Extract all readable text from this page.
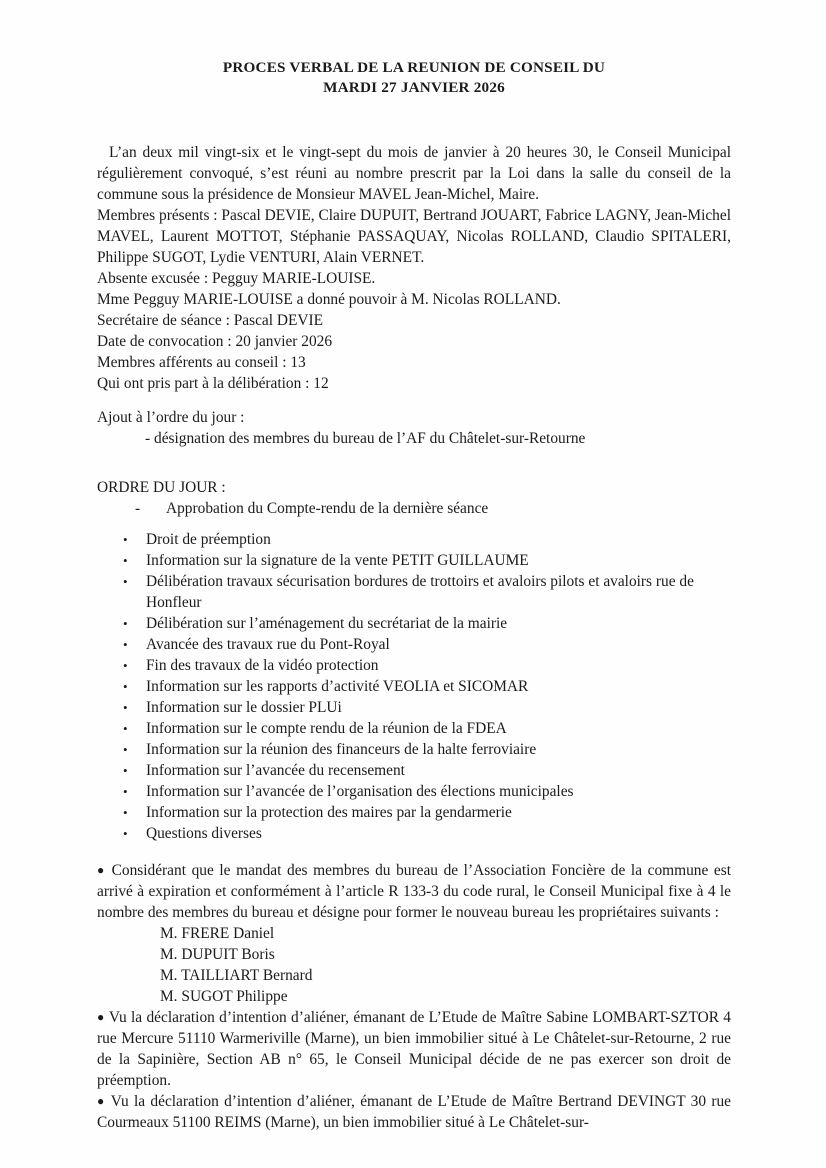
PROCES VERBAL DE LA REUNION DE CONSEIL DU
MARDI 27 JANVIER 2026

L’an deux mil vingt-six et le vingt-sept du mois de janvier à 20 heures 30, le Conseil Municipal régulièrement convoqué, s’est réuni au nombre prescrit par la Loi dans la salle du conseil de la commune sous la présidence de Monsieur MAVEL Jean-Michel, Maire.

Membres présents : Pascal DEVIE, Claire DUPUIT, Bertrand JOUART, Fabrice LAGNY, Jean-Michel MAVEL, Laurent MOTTOT, Stéphanie PASSAQUAY, Nicolas ROLLAND, Claudio SPITALERI, Philippe SUGOT, Lydie VENTURI, Alain VERNET.

Absente excusée : Pegguy MARIE-LOUISE.

Mme Pegguy MARIE-LOUISE a donné pouvoir à M. Nicolas ROLLAND.

Secrétaire de séance : Pascal DEVIE

Date de convocation : 20 janvier 2026

Membres afférents au conseil : 13

Qui ont pris part à la délibération : 12

Ajout à l’ordre du jour :

- désignation des membres du bureau de l’AF du Châtelet-sur-Retourne

ORDRE DU JOUR :

-	Approbation du Compte-rendu de la dernière séance
•	Droit de préemption
•	Information sur la signature de la vente PETIT GUILLAUME
•	Délibération travaux sécurisation bordures de trottoirs et avaloirs pilots et avaloirs rue de Honfleur
•	Délibération sur l’aménagement du secrétariat de la mairie
•	Avancée des travaux rue du Pont-Royal
•	Fin des travaux de la vidéo protection
•	Information sur les rapports d’activité VEOLIA et SICOMAR
•	Information sur le dossier PLUi
•	Information sur le compte rendu de la réunion de la FDEA
•	Information sur la réunion des financeurs de la halte ferroviaire
•	Information sur l’avancée du recensement
•	Information sur l’avancée de l’organisation des élections municipales
•	Information sur la protection des maires par la gendarmerie
•	Questions diverses

● Considérant que le mandat des membres du bureau de l’Association Foncière de la commune est arrivé à expiration et conformément à l’article R 133-3 du code rural, le Conseil Municipal fixe à 4 le nombre des membres du bureau et désigne pour former le nouveau bureau les propriétaires suivants :

M. FRERE Daniel
M. DUPUIT Boris
M. TAILLIART Bernard
M. SUGOT Philippe

● Vu la déclaration d’intention d’aliéner, émanant de L’Etude de Maître Sabine LOMBART-SZTOR 4 rue Mercure 51110 Warmeriville (Marne), un bien immobilier situé à Le Châtelet-sur-Retourne, 2 rue de la Sapinière, Section AB n° 65, le Conseil Municipal décide de ne pas exercer son droit de préemption.

● Vu la déclaration d’intention d’aliéner, émanant de L’Etude de Maître Bertrand DEVINGT 30 rue Courmeaux 51100 REIMS (Marne), un bien immobilier situé à Le Châtelet-sur-
